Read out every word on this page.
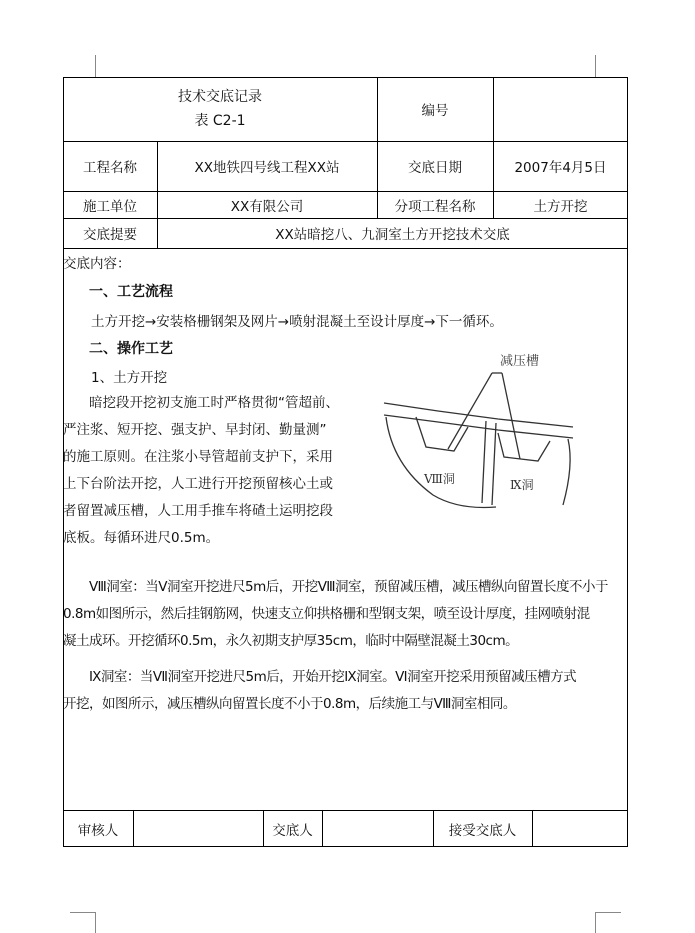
技术交底记录
表 C2-1
编号
工程名称	XX地铁四号线工程XX站	交底日期	2007年4月5日
施工单位	XX有限公司	分项工程名称	土方开挖
交底提要	XX站暗挖八、九洞室土方开挖技术交底
交底内容：
一、工艺流程
土方开挖→安装格栅钢架及网片→喷射混凝土至设计厚度→下一循环。
二、操作工艺
1、土方开挖
暗挖段开挖初支施工时严格贯彻“管超前、
严注浆、短开挖、强支护、早封闭、勤量测”
的施工原则。在注浆小导管超前支护下，采用
上下台阶法开挖，人工进行开挖预留核心土或
者留置减压槽，人工用手推车将碴土运明挖段
底板。每循环进尺0.5m。
Ⅷ洞室：当Ⅴ洞室开挖进尺5m后，开挖Ⅷ洞室，预留减压槽，减压槽纵向留置长度不小于
0.8m如图所示，然后挂钢筋网，快速支立仰拱格栅和型钢支架，喷至设计厚度，挂网喷射混
凝土成环。开挖循环0.5m，永久初期支护厚35cm，临时中隔壁混凝土30cm。
Ⅸ洞室：当Ⅶ洞室开挖进尺5m后，开始开挖Ⅸ洞室。Ⅵ洞室开挖采用预留减压槽方式
开挖，如图所示，减压槽纵向留置长度不小于0.8m，后续施工与Ⅷ洞室相同。
减压槽
Ⅷ洞	Ⅸ洞
审核人	交底人	接受交底人
